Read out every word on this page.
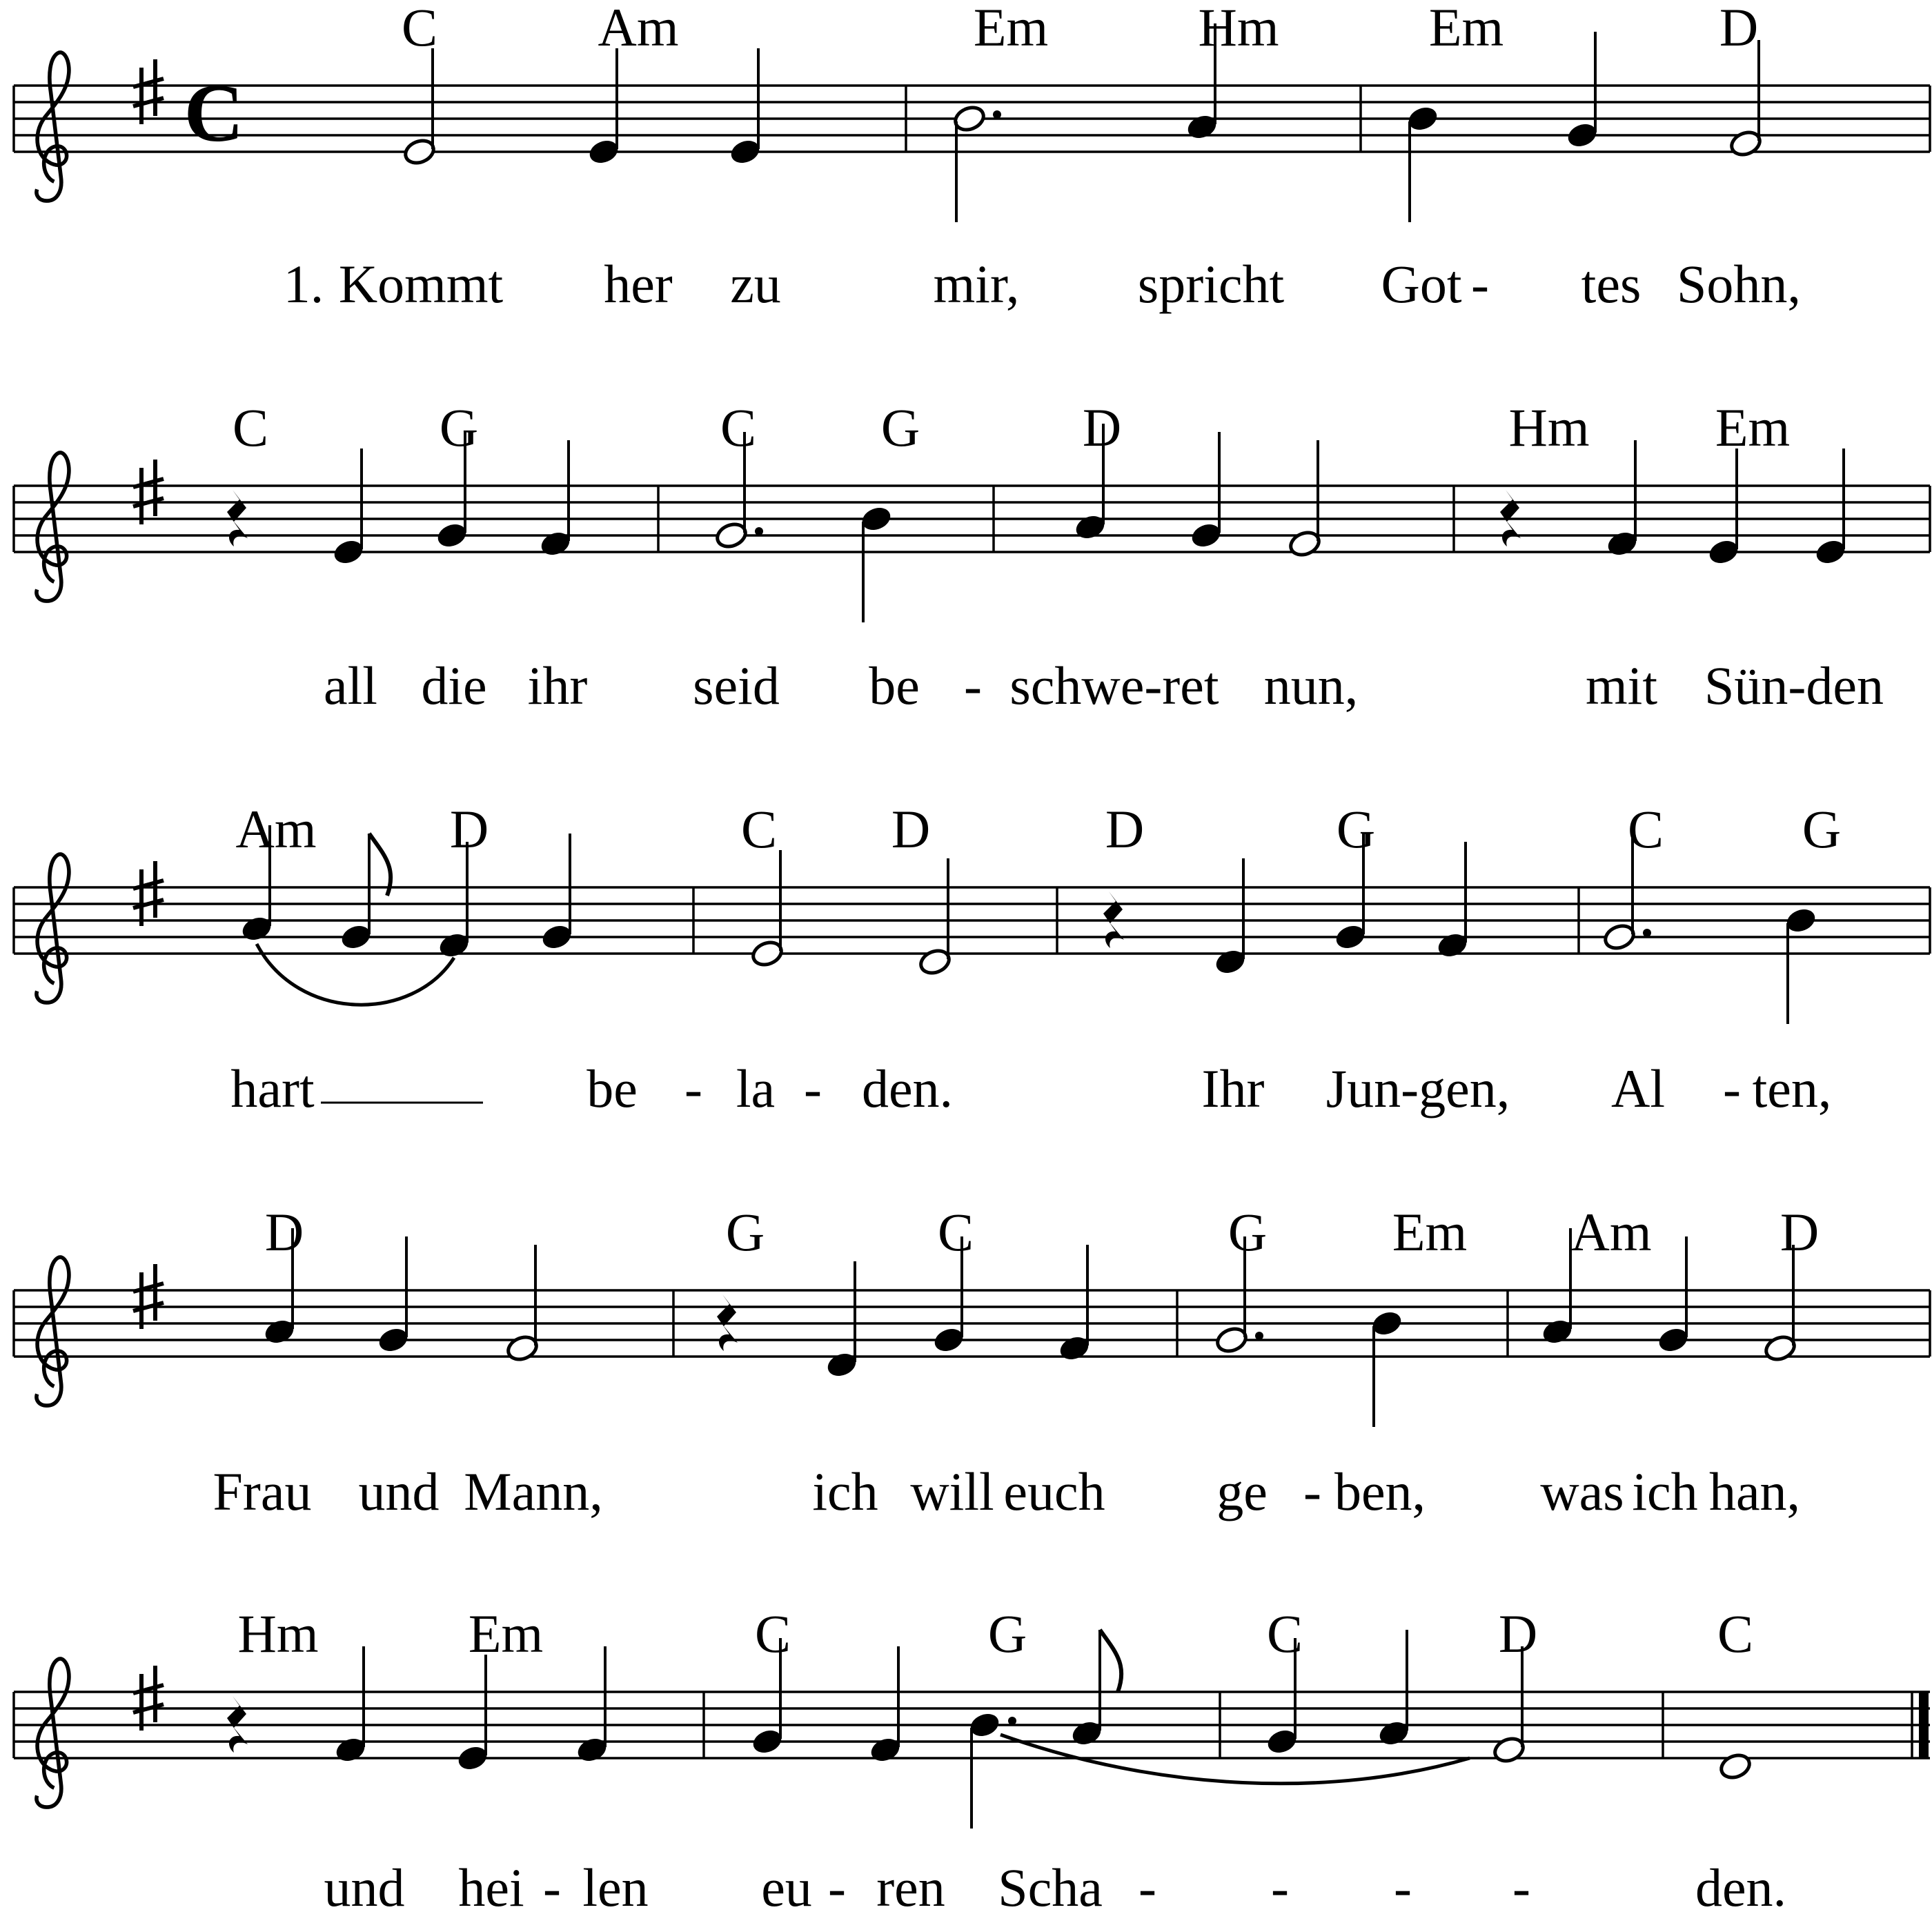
C
C	Am	Em	Hm	Em	D
1. Kommt her zu	mir, spricht Got - tes Sohn,
C	G	C G	D	Hm Em
all die ihr seid be - schwe-ret nun,	mit Sün-den
Am D	C D	D	G	C	G
hart	be - la - den.	Ihr Jun-gen, Al - ten,
D	G	C	G Em Am D
Frau und Mann,	ich will euch ge - ben, was ich han,
Hm	Em	C	G	C	D	C
und hei - len eu - ren Scha - - - -	den.
